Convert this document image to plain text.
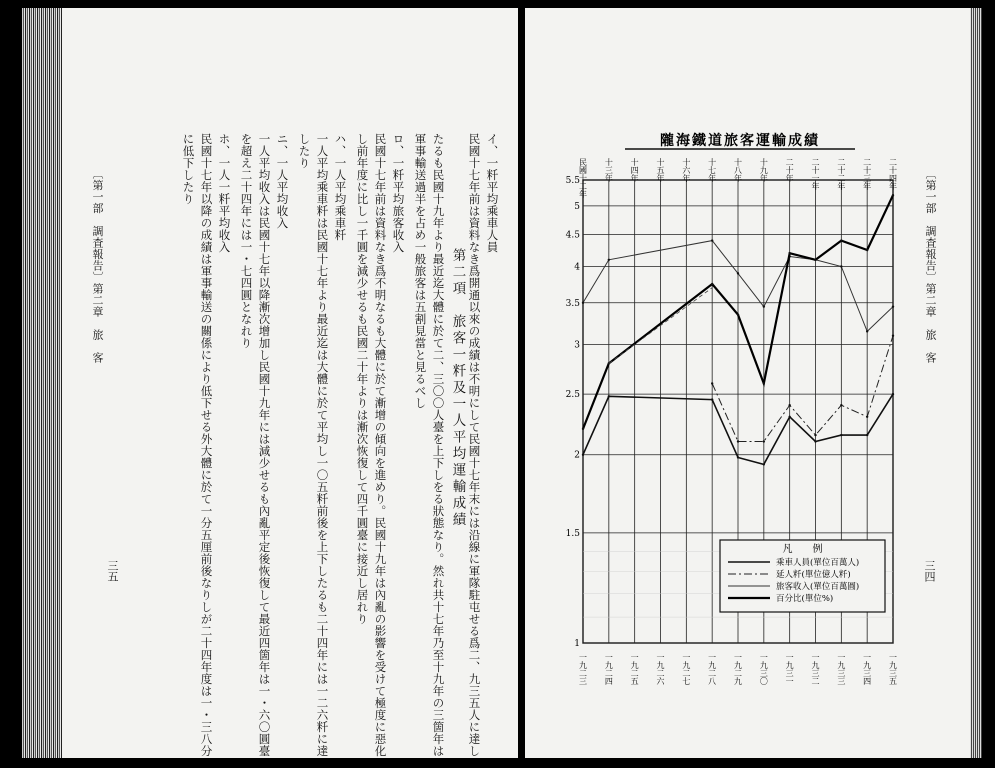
第二項　旅客一粁及一人平均運輸成績
イ、一粁平均乘車人員
民國十七年前は資料なき爲開通以來の成績は不明にして民國十七年末には沿線に軍隊駐屯せる爲二、九三五人に達し
たるも民國十九年より最近迄大體に於て二、三〇〇人臺を上下しをる狀態なり。然れ共十七年乃至十九年の三箇年は
軍事輸送過半を占め一般旅客は五割見當と見るべし
ロ、一粁平均旅客收入
民國十七年前は資料なき爲不明なるも大體に於て漸增の傾向を進めり。民國十九年は內亂の影響を受けて極度に惡化
し前年度に比し一千圓を減少せるも民國二十年よりは漸次恢復して四千圓臺に接近し居れり
ハ、一人平均乘車粁
一人平均乘車粁は民國十七年より最近迄は大體に於て平均し一〇五粁前後を上下したるも二十四年には一二六粁に達
したり
ニ、一人平均收入
一人平均收入は民國十七年以降漸次增加し民國十九年には減少せるも內亂平定後恢復して最近四箇年は一・六〇圓臺
を超え二十四年には一・七四圓となれり
ホ、一人一粁平均收入
民國十七年以降の成績は軍事輸送の關係により低下せる外大體に於て一分五厘前後なりしが二十四年度は一・三八分
に低下したり
〔第一部　調査報告〕第二章　旅　客
三五
隴海鐵道旅客運輸成績
1
1.5
2
2.5
3
3.5
4
4.5
5
5.5
民國十二年 十三年 十四年 十五年 十六年 十七年 十八年 十九年 二十年 二十一年 二十二年 二十三年 二十四年
一九二三 一九二四 一九二五 一九二六 一九二七 一九二八 一九二九 一九三〇 一九三一 一九三二 一九三三 一九三四 一九三五
凡　　例
乘車人員(單位百萬人)
延人粁(單位億人粁)
旅客收入(單位百萬圓)
百分比(單位%)
〔第一部　調査報告〕第二章　旅　客
三四
